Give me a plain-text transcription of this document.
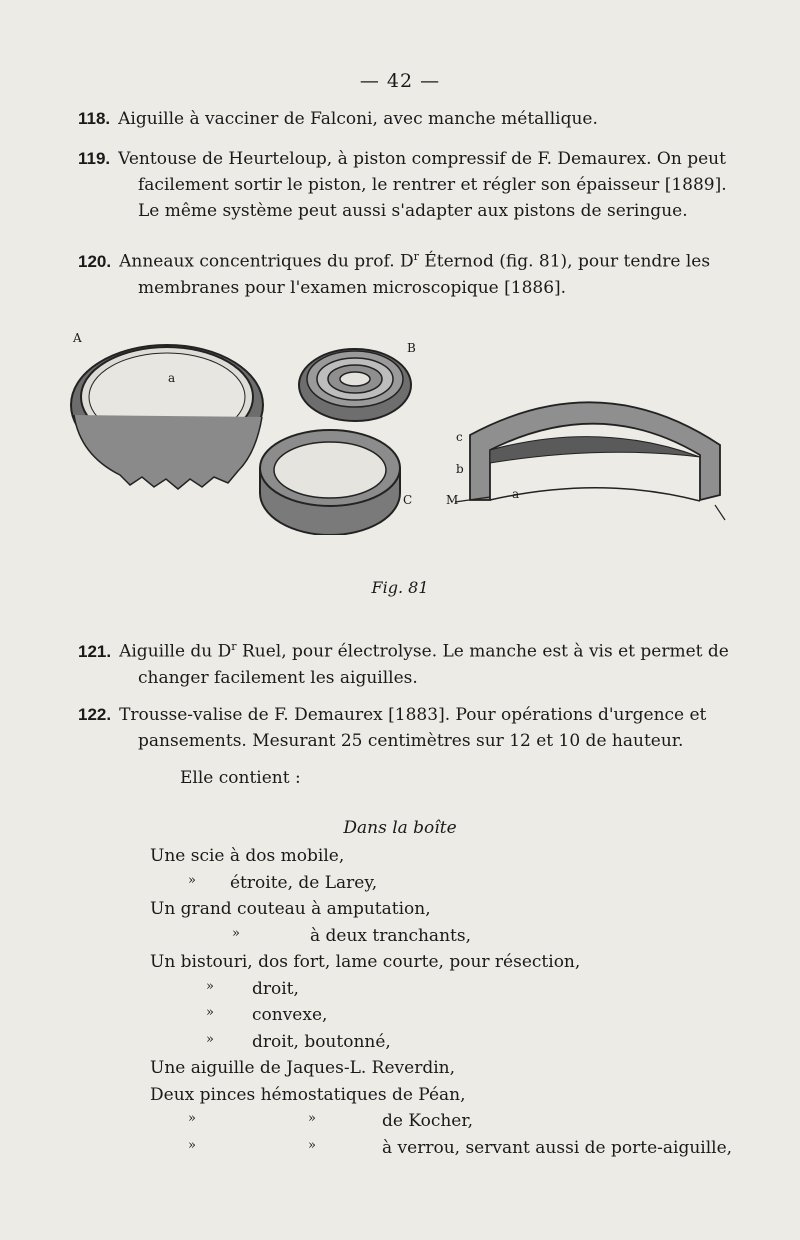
— 42 —
118. Aiguille à vacciner de Falconi, avec manche métallique.
119. Ventouse de Heurteloup, à piston compressif de F. Demaurex. On peut
facilement sortir le piston, le rentrer et régler son épaisseur [1889].
Le même système peut aussi s'adapter aux pistons de seringue.
120. Anneaux concentriques du prof. $D^r$ Éternod (fig. 81), pour tendre les
membranes pour l'examen microscopique [1886].
A
a
B
C
c
b
M	a
Fig. 81
121. Aiguille du $D^r$ Ruel, pour électrolyse. Le manche est à vis et permet de
changer facilement les aiguilles.
122. Trousse-valise de F. Demaurex [1883]. Pour opérations d'urgence et
pansements. Mesurant 25 centimètres sur 12 et 10 de hauteur.
Elle contient :
Dans la boîte
Une scie à dos mobile,
» étroite, de Larey,
Un grand couteau à amputation,
»	à deux tranchants,
Un bistouri, dos fort, lame courte, pour résection,
» droit,
» convexe,
» droit, boutonné,
Une aiguille de Jaques-L. Reverdin,
Deux pinces hémostatiques de Péan,
»	»	de Kocher,
»	»	à verrou, servant aussi de porte-aiguille,
